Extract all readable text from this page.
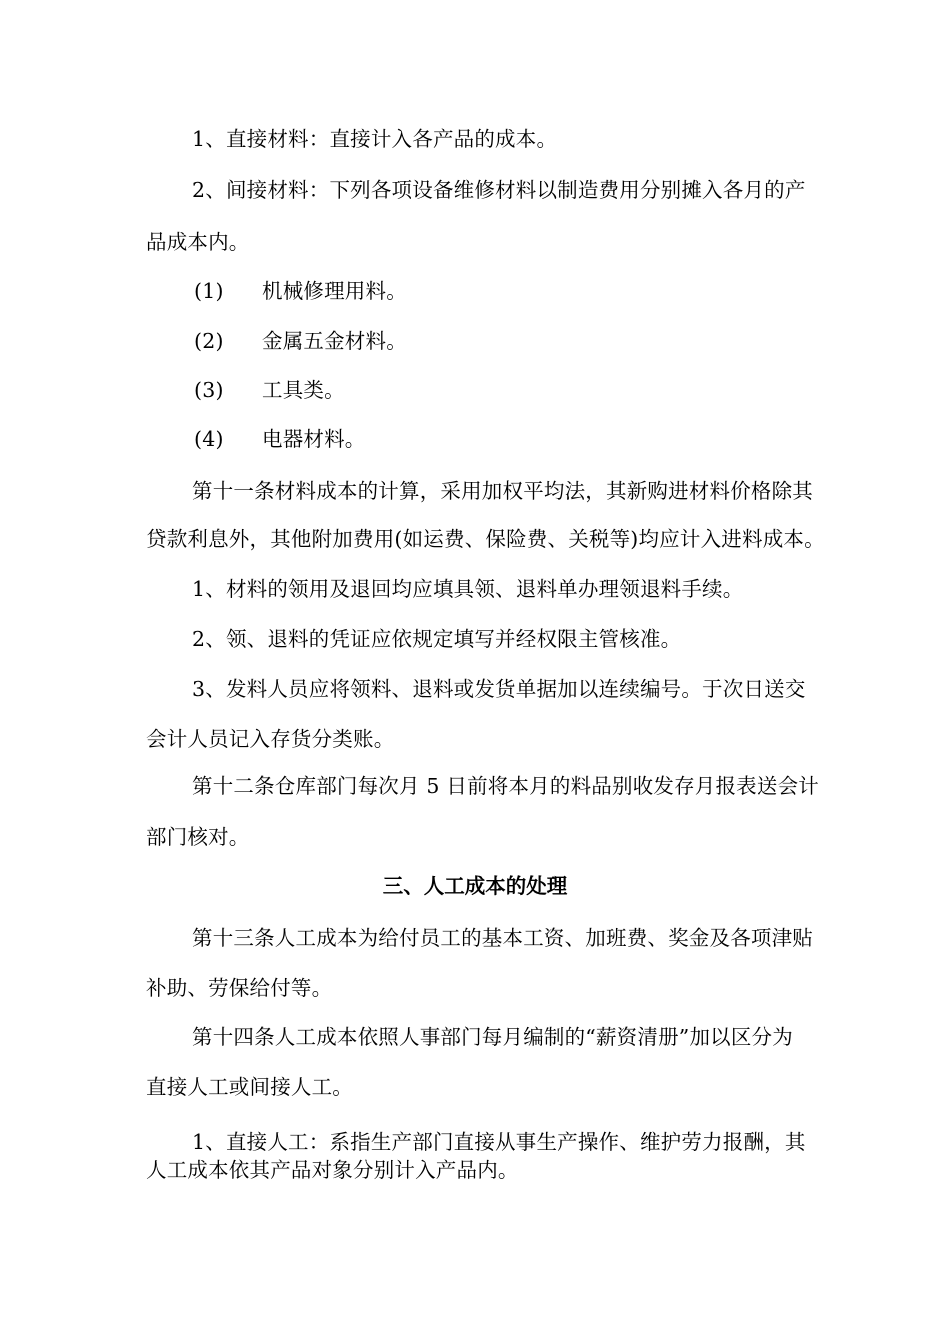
1、直接材料：直接计入各产品的成本。
2、间接材料：下列各项设备维修材料以制造费用分别摊入各月的产
品成本内。
(1) 机械修理用料。
(2) 金属五金材料。
(3) 工具类。
(4) 电器材料。
第十一条材料成本的计算，采用加权平均法，其新购进材料价格除其
贷款利息外，其他附加费用(如运费、保险费、关税等)均应计入进料成本。
1、材料的领用及退回均应填具领、退料单办理领退料手续。
2、领、退料的凭证应依规定填写并经权限主管核准。
3、发料人员应将领料、退料或发货单据加以连续编号。于次日送交
会计人员记入存货分类账。
第十二条仓库部门每次月 5 日前将本月的料品别收发存月报表送会计
部门核对。
三、人工成本的处理
第十三条人工成本为给付员工的基本工资、加班费、奖金及各项津贴
补助、劳保给付等。
第十四条人工成本依照人事部门每月编制的“薪资清册”加以区分为
直接人工或间接人工。
1、直接人工：系指生产部门直接从事生产操作、维护劳力报酬，其
人工成本依其产品对象分别计入产品内。
